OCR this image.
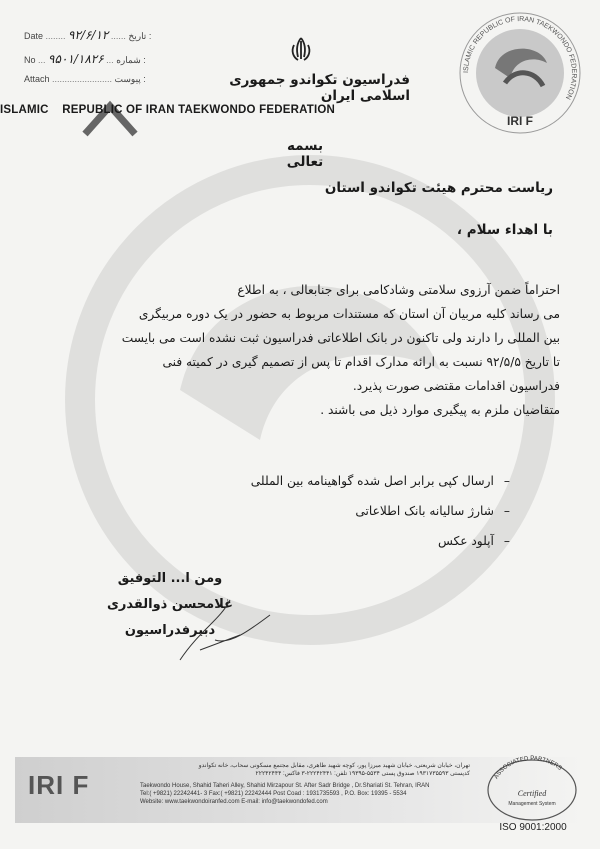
Date ........ ۹۲/۶/۱۲ ...... تاریخ :
No ... ۹۵۰۱/۱۸۲۶ ... شماره :
Attach ........................ پیوست :	فدراسیون تکواندو جمهوری اسلامی ایران
ISLAMIC    REPUBLIC OF IRAN TAEKWONDO FEDERATION
ISLAMIC REPUBLIC OF IRAN TAEKWONDO FEDERATION
IRI F
بسمه تعالی
ریاست محترم هیئت تکواندو استان
با اهداء سلام ،
احتراماً ضمن آرزوی سلامتی وشادکامی برای جنابعالی ، به اطلاع
می رساند کلیه مربیان آن استان که مستندات مربوط به حضور در یک دوره مربیگری
بین المللی را دارند ولی تاکنون در بانک اطلاعاتی فدراسیون ثبت نشده است می بایست
تا تاریخ ۹۲/۵/۵ نسبت به ارائه مدارک اقدام تا پس از تصمیم گیری در کمیته فنی
فدراسیون اقدامات مقتضی صورت پذیرد.
متقاضیان ملزم به پیگیری موارد ذیل می باشند .
– ارسال کپی برابر اصل شده گواهینامه بین المللی
– شارژ سالیانه بانک اطلاعاتی
– آپلود عکس
ومن ا... التوفیق
غلامحسن ذوالقدری
دبیرفدراسیون
IRI F
تهران، خیابان شریعتی، خیابان شهید میرزا پور، کوچه شهید طاهری، مقابل مجتمع مسکونی سحاب، خانه تکواندو
کدپستی ۱۹۳۱۷۳۵۵۹۳ صندوق پستی ۵۵۳۴-۱۹۳۹۵ تلفن: ۲۲۲۴۲۴۴۱-۳ فاکس: ۲۲۲۴۲۴۴۴
Taekwondo House, Shahid Taheri Alley, Shahid Mirzapour St. After Sadr Bridge , Dr.Shariati St. Tehran, IRAN
Tel:( +9821) 22242441- 3 Fax:( +9821) 22242444 Post Coad : 1931735593 , P.O. Box: 19395 - 5534
Website: www.taekwondoiranfed.com E-mail: info@taekwondofed.com
ASSOCIATED PARTNERS
Certified
Management System
ISO 9001:2000
